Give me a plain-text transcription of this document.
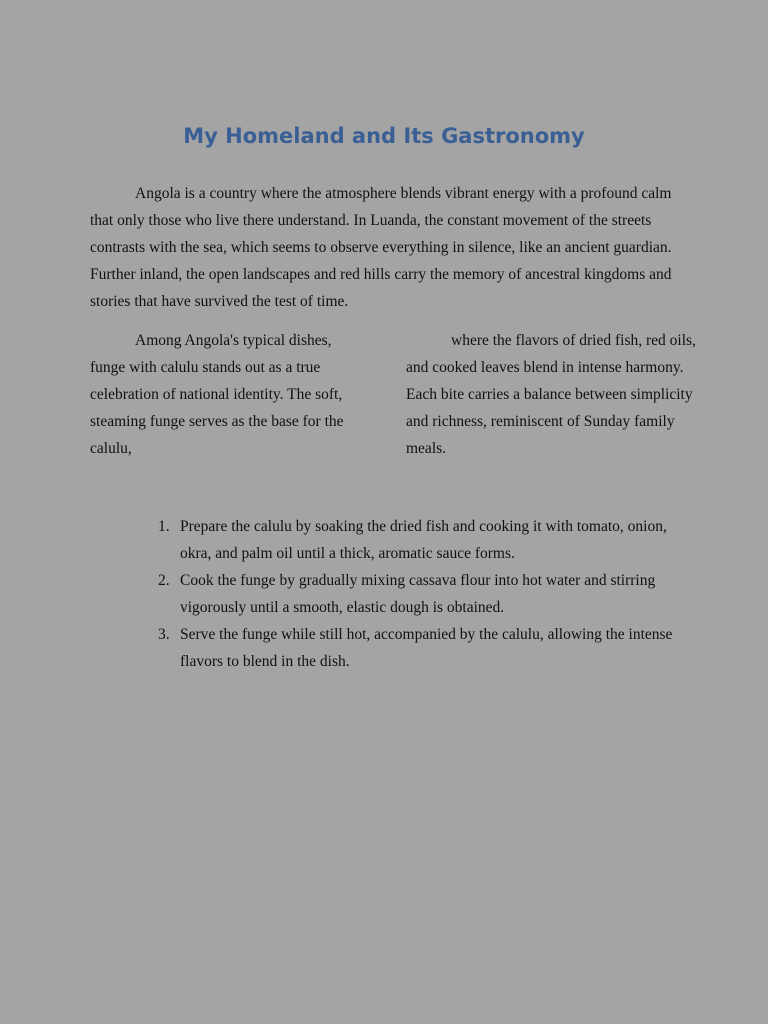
My Homeland and Its Gastronomy

Angola is a country where the atmosphere blends vibrant energy with a profound calm that only those who live there understand. In Luanda, the constant movement of the streets contrasts with the sea, which seems to observe everything in silence, like an ancient guardian. Further inland, the open landscapes and red hills carry the memory of ancestral kingdoms and stories that have survived the test of time.

Among Angola's typical dishes, funge with calulu stands out as a true celebration of national identity. The soft, steaming funge serves as the base for the calulu,

where the flavors of dried fish, red oils, and cooked leaves blend in intense harmony. Each bite carries a balance between simplicity and richness, reminiscent of Sunday family meals.

1. Prepare the calulu by soaking the dried fish and cooking it with tomato, onion, okra, and palm oil until a thick, aromatic sauce forms.
2. Cook the funge by gradually mixing cassava flour into hot water and stirring vigorously until a smooth, elastic dough is obtained.
3. Serve the funge while still hot, accompanied by the calulu, allowing the intense flavors to blend in the dish.
